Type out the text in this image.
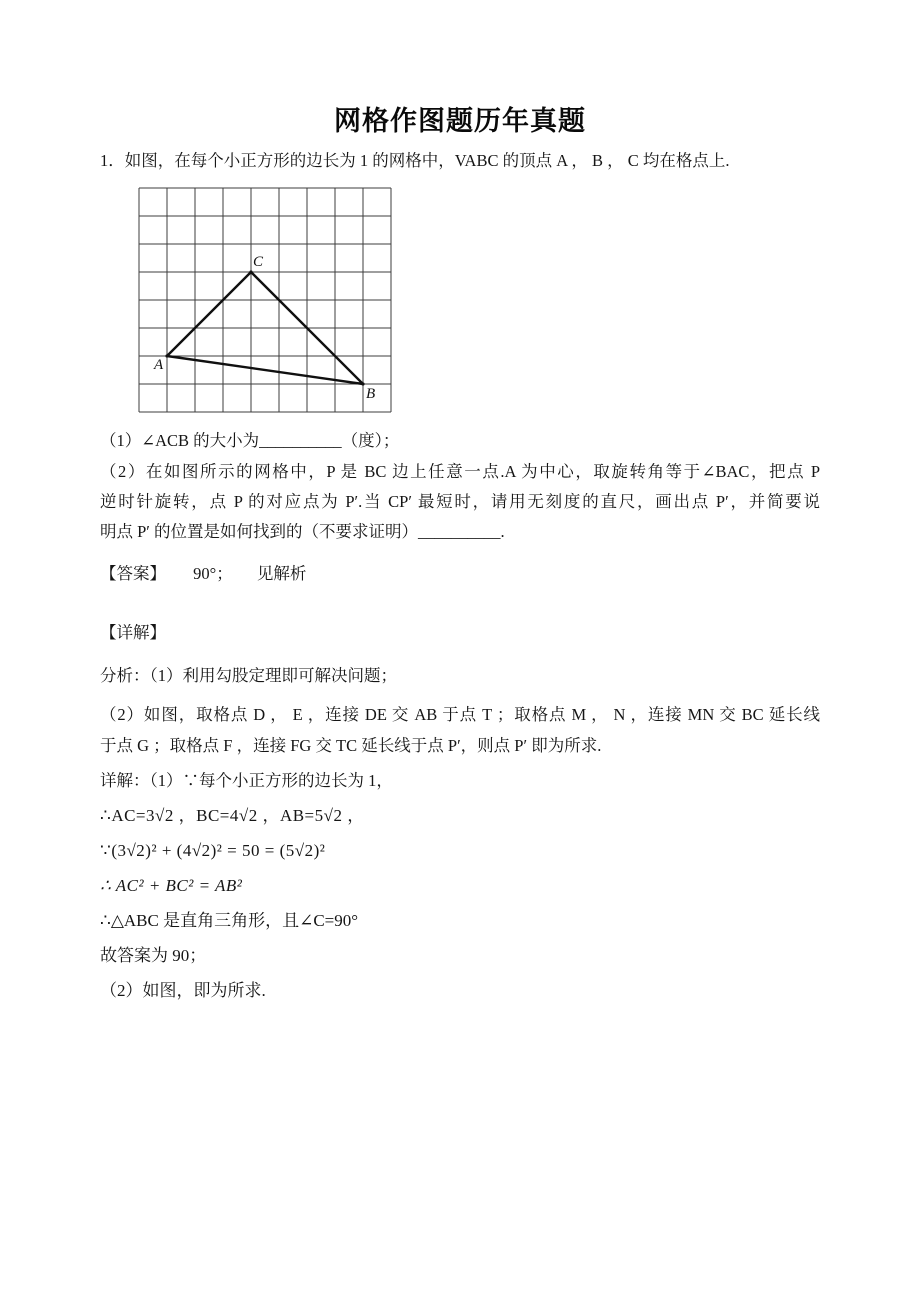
网格作图题历年真题
1．如图，在每个小正方形的边长为 1 的网格中，VABC 的顶点 A ， B ， C 均在格点上.
A
B
C
（1）∠ACB 的大小为__________（度）；
（2）在如图所示的网格中，P 是 BC 边上任意一点.A 为中心，取旋转角等于∠BAC，把点 P
逆时针旋转，点 P 的对应点为 P′.当 CP′ 最短时，请用无刻度的直尺，画出点 P′，并简要说
明点 P′ 的位置是如何找到的（不要求证明）__________.
【答案】 90°； 见解析
【详解】
分析：（1）利用勾股定理即可解决问题；
（2）如图，取格点 D ， E ，连接 DE 交 AB 于点 T ；取格点 M ， N ，连接 MN 交 BC 延长线
于点 G ；取格点 F ，连接 FG 交 TC 延长线于点 P′，则点 P′ 即为所求.
详解：（1）∵每个小正方形的边长为 1，
∴AC=3√2 ，BC=4√2 ，AB=5√2 ，
∵(3√2)² + (4√2)² = 50 = (5√2)²
∴ AC² + BC² = AB²
∴△ABC 是直角三角形，且∠C=90°
故答案为 90；
（2）如图，即为所求.
